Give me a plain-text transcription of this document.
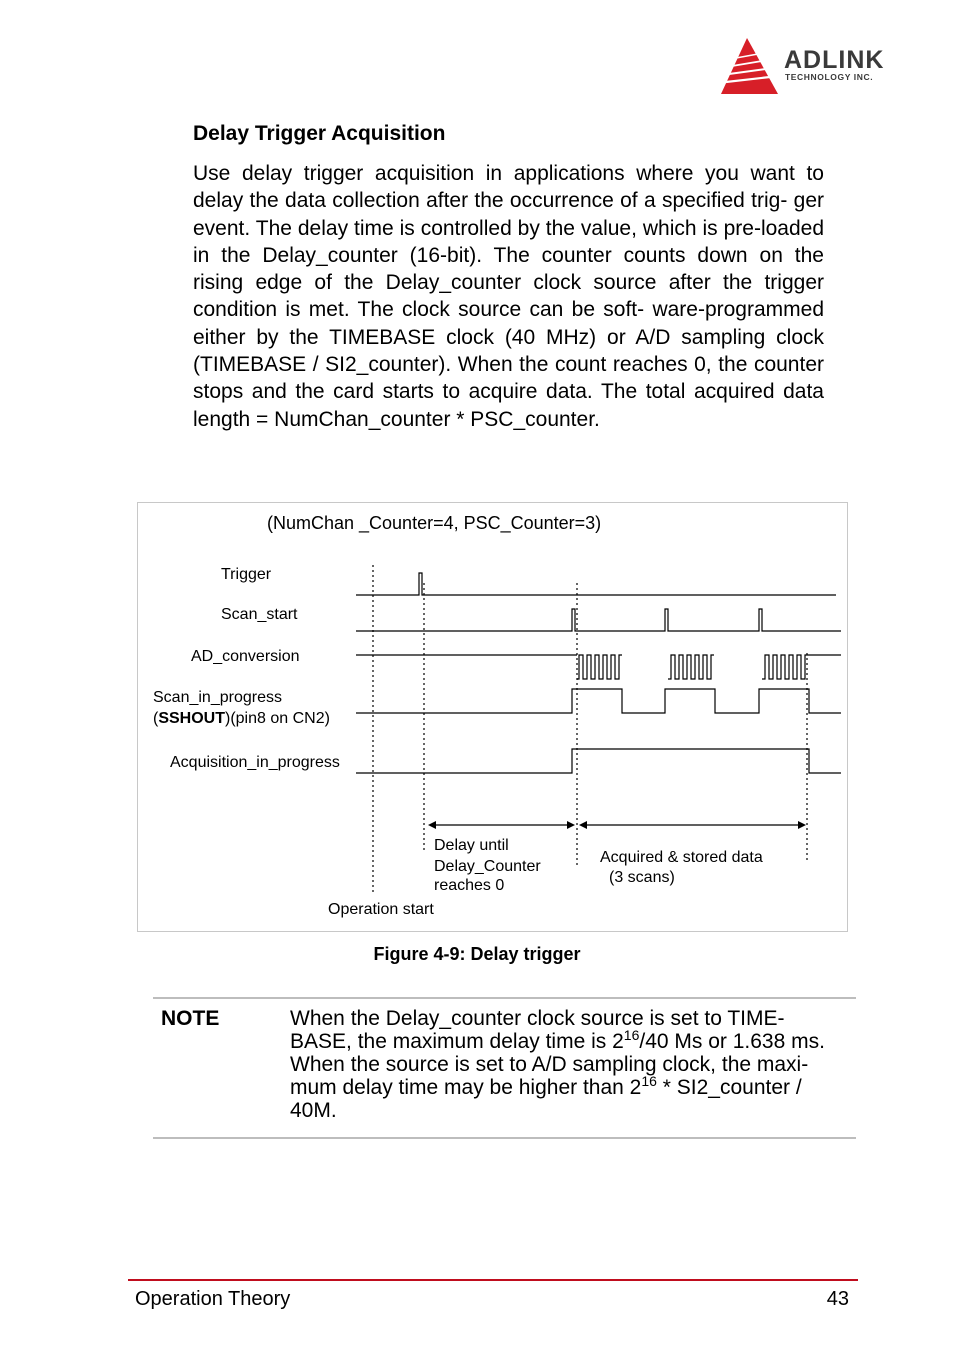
ADLINK
TECHNOLOGY INC.
Delay Trigger Acquisition
Use delay trigger acquisition in applications where you want to delay the data collection after the occurrence of a specified trig- ger event. The delay time is controlled by the value, which is pre-loaded in the Delay_counter (16-bit). The counter counts down on the rising edge of the Delay_counter clock source after the trigger condition is met. The clock source can be soft- ware-programmed either by the TIMEBASE clock (40 MHz) or A/D sampling clock (TIMEBASE / SI2_counter). When the count reaches 0, the counter stops and the card starts to acquire data. The total acquired data length = NumChan_counter * PSC_counter.
(NumChan _Counter=4, PSC_Counter=3)
Trigger
Scan_start
AD_conversion
Scan_in_progress
(SSHOUT)(pin8 on CN2)
Acquisition_in_progress
Delay until
Delay_Counter
reaches 0
Acquired & stored data
(3 scans)
Operation start
Figure 4-9: Delay trigger
NOTE	When the Delay_counter clock source is set to TIME-
BASE, the maximum delay time is $2^{16}/40$ Ms or 1.638 ms.
When the source is set to A/D sampling clock, the maxi-
mum delay time may be higher than $2^{16}$ * SI2_counter /
40M.
Operation Theory	43
